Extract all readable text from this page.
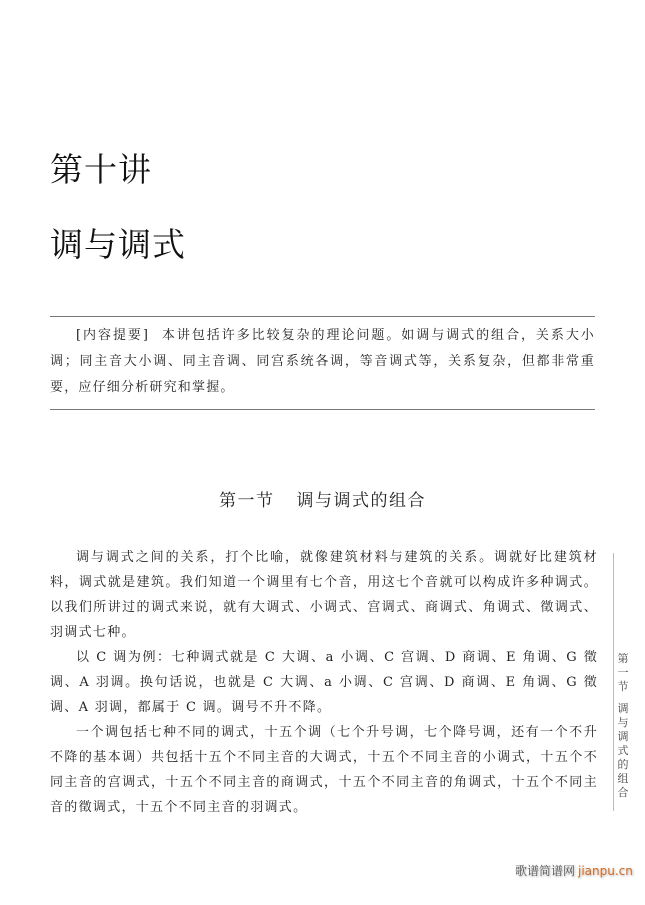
第十讲
调与调式
[内容提要] 本讲包括许多比较复杂的理论问题。如调与调式的组合，关系大小调；同主音大小调、同主音调、同宫系统各调，等音调式等，关系复杂，但都非常重要，应仔细分析研究和掌握。
第一节 调与调式的组合

调与调式之间的关系，打个比喻，就像建筑材料与建筑的关系。调就好比建筑材料，调式就是建筑。我们知道一个调里有七个音，用这七个音就可以构成许多种调式。以我们所讲过的调式来说，就有大调式、小调式、宫调式、商调式、角调式、徵调式、羽调式七种。

以 C 调为例：七种调式就是 C 大调、a 小调、C 宫调、D 商调、E 角调、G 徵调、A 羽调。换句话说，也就是 C 大调、a 小调、C 宫调、D 商调、E 角调、G 徵调、A 羽调，都属于 C 调。调号不升不降。

一个调包括七种不同的调式，十五个调（七个升号调，七个降号调，还有一个不升不降的基本调）共包括十五个不同主音的大调式，十五个不同主音的小调式，十五个不同主音的宫调式，十五个不同主音的商调式，十五个不同主音的角调式，十五个不同主音的徵调式，十五个不同主音的羽调式。

第
一
节
调
与
调
式
的
组
合
歌谱简谱网 jianpu.cn
